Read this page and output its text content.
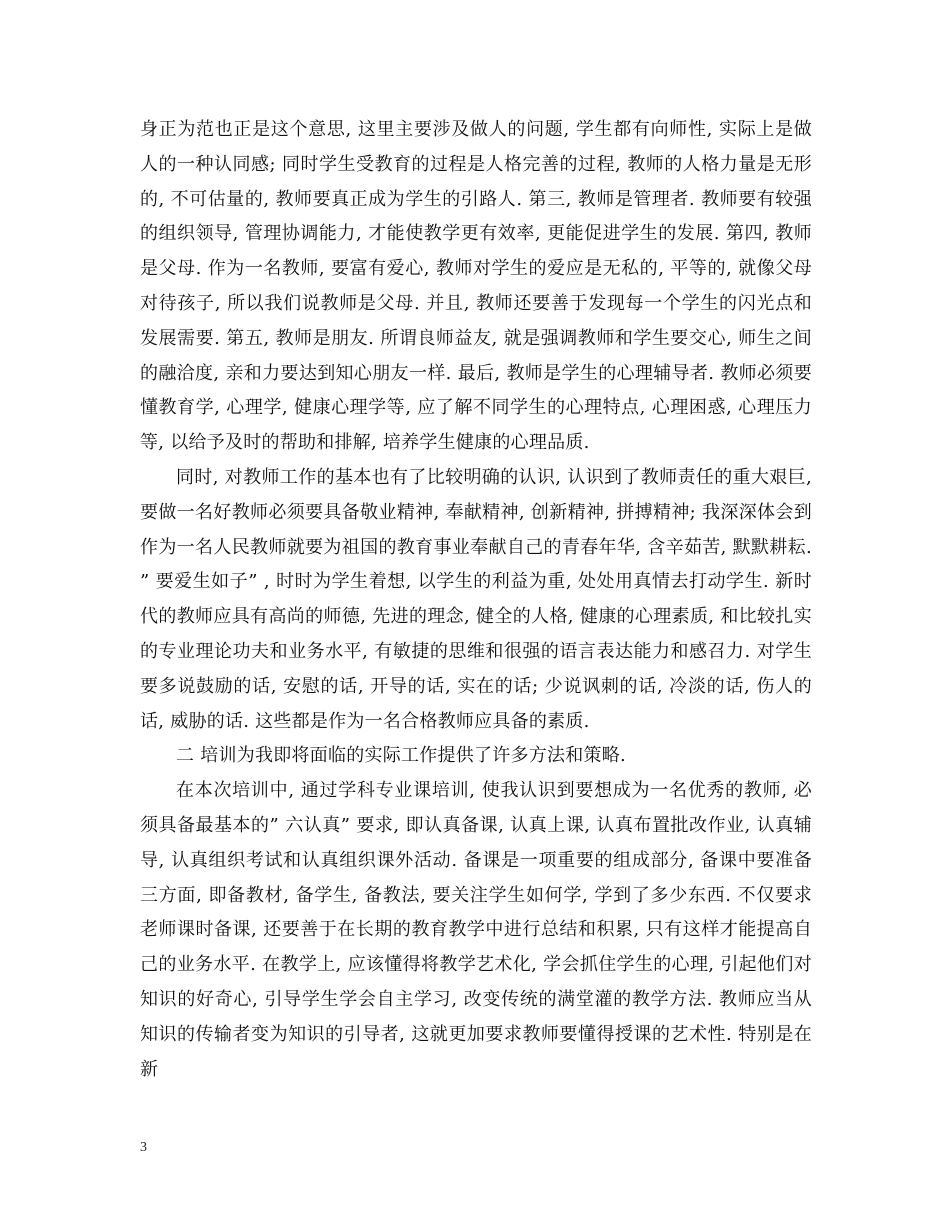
身正为范也正是这个意思, 这里主要涉及做人的问题, 学生都有向师性, 实际上是做人的一种认同感; 同时学生受教育的过程是人格完善的过程, 教师的人格力量是无形的, 不可估量的, 教师要真正成为学生的引路人. 第三, 教师是管理者. 教师要有较强的组织领导, 管理协调能力, 才能使教学更有效率, 更能促进学生的发展. 第四, 教师是父母. 作为一名教师, 要富有爱心, 教师对学生的爱应是无私的, 平等的, 就像父母对待孩子, 所以我们说教师是父母. 并且, 教师还要善于发现每一个学生的闪光点和发展需要. 第五, 教师是朋友. 所谓良师益友, 就是强调教师和学生要交心, 师生之间的融洽度, 亲和力要达到知心朋友一样. 最后, 教师是学生的心理辅导者. 教师必须要懂教育学, 心理学, 健康心理学等, 应了解不同学生的心理特点, 心理困惑, 心理压力等, 以给予及时的帮助和排解, 培养学生健康的心理品质.

同时, 对教师工作的基本也有了比较明确的认识, 认识到了教师责任的重大艰巨, 要做一名好教师必须要具备敬业精神, 奉献精神, 创新精神, 拼搏精神; 我深深体会到作为一名人民教师就要为祖国的教育事业奉献自己的青春年华, 含辛茹苦, 默默耕耘. ” 要爱生如子” , 时时为学生着想, 以学生的利益为重, 处处用真情去打动学生. 新时代的教师应具有高尚的师德, 先进的理念, 健全的人格, 健康的心理素质, 和比较扎实的专业理论功夫和业务水平, 有敏捷的思维和很强的语言表达能力和感召力. 对学生要多说鼓励的话, 安慰的话, 开导的话, 实在的话; 少说讽刺的话, 冷淡的话, 伤人的话, 威胁的话. 这些都是作为一名合格教师应具备的素质.

二 培训为我即将面临的实际工作提供了许多方法和策略.

在本次培训中, 通过学科专业课培训, 使我认识到要想成为一名优秀的教师, 必须具备最基本的” 六认真” 要求, 即认真备课, 认真上课, 认真布置批改作业, 认真辅导, 认真组织考试和认真组织课外活动. 备课是一项重要的组成部分, 备课中要准备三方面, 即备教材, 备学生, 备教法, 要关注学生如何学, 学到了多少东西. 不仅要求老师课时备课, 还要善于在长期的教育教学中进行总结和积累, 只有这样才能提高自己的业务水平. 在教学上, 应该懂得将教学艺术化, 学会抓住学生的心理, 引起他们对知识的好奇心, 引导学生学会自主学习, 改变传统的满堂灌的教学方法. 教师应当从知识的传输者变为知识的引导者, 这就更加要求教师要懂得授课的艺术性. 特别是在新

3
